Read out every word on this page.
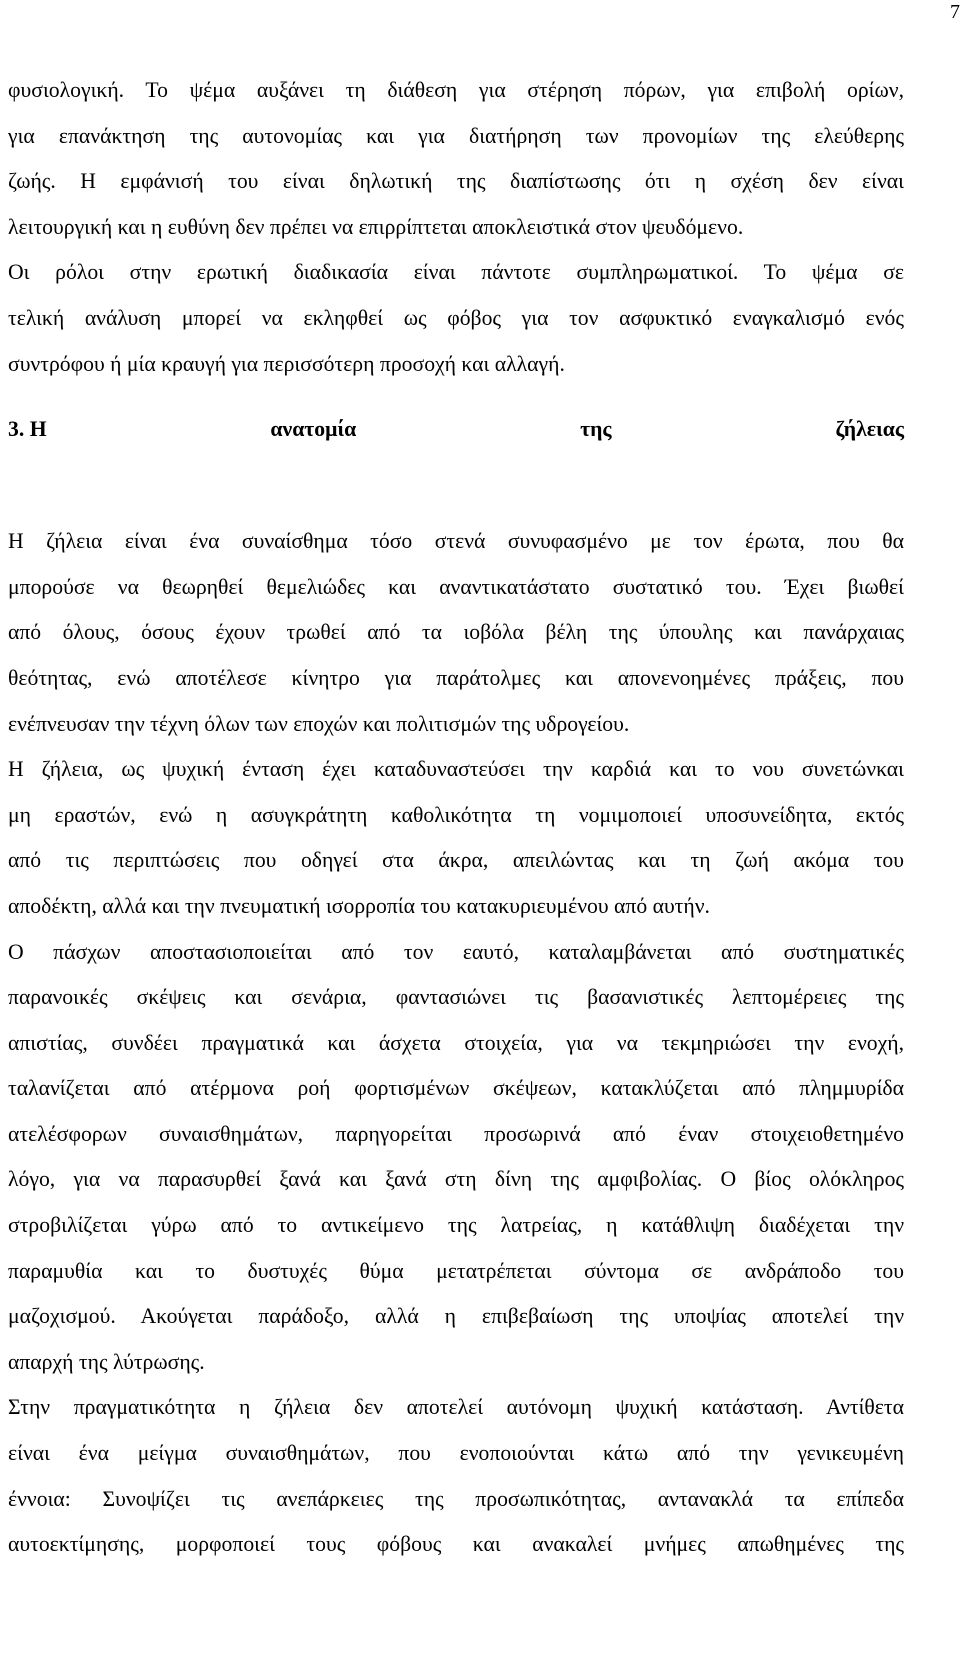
7
φυσιολογική. Το ψέμα αυξάνει τη διάθεση για στέρηση πόρων, για επιβολή ορίων,
για επανάκτηση της αυτονομίας και για διατήρηση των προνομίων της ελεύθερης
ζωής. Η εμφάνισή του είναι δηλωτική της διαπίστωσης ότι η σχέση δεν είναι
λειτουργική και η ευθύνη δεν πρέπει να επιρρίπτεται αποκλειστικά στον ψευδόμενο.
Οι ρόλοι στην ερωτική διαδικασία είναι πάντοτε συμπληρωματικοί. Το ψέμα σε
τελική ανάλυση μπορεί να εκληφθεί ως φόβος για τον ασφυκτικό εναγκαλισμό ενός
συντρόφου ή μία κραυγή για περισσότερη προσοχή και αλλαγή.
3. Η	ανατομία	της	ζήλειας
Η ζήλεια είναι ένα συναίσθημα τόσο στενά συνυφασμένο με τον έρωτα, που θα
μπορούσε να θεωρηθεί θεμελιώδες και αναντικατάστατο συστατικό του. Έχει βιωθεί
από όλους, όσους έχουν τρωθεί από τα ιοβόλα βέλη της ύπουλης και πανάρχαιας
θεότητας, ενώ αποτέλεσε κίνητρο για παράτολμες και απονενοημένες πράξεις, που
ενέπνευσαν την τέχνη όλων των εποχών και πολιτισμών της υδρογείου.
Η ζήλεια, ως ψυχική ένταση έχει καταδυναστεύσει την καρδιά και το νου συνετώνκαι
μη εραστών, ενώ η ασυγκράτητη καθολικότητα τη νομιμοποιεί υποσυνείδητα, εκτός
από τις περιπτώσεις που οδηγεί στα άκρα, απειλώντας και τη ζωή ακόμα του
αποδέκτη, αλλά και την πνευματική ισορροπία του κατακυριευμένου από αυτήν.
Ο πάσχων αποστασιοποιείται από τον εαυτό, καταλαμβάνεται από συστηματικές
παρανοικές σκέψεις και σενάρια, φαντασιώνει τις βασανιστικές λεπτομέρειες της
απιστίας, συνδέει πραγματικά και άσχετα στοιχεία, για να τεκμηριώσει την ενοχή,
ταλανίζεται από ατέρμονα ροή φορτισμένων σκέψεων, κατακλύζεται από πλημμυρίδα
ατελέσφορων συναισθημάτων, παρηγορείται προσωρινά από έναν στοιχειοθετημένο
λόγο, για να παρασυρθεί ξανά και ξανά στη δίνη της αμφιβολίας. Ο βίος ολόκληρος
στροβιλίζεται γύρω από το αντικείμενο της λατρείας, η κατάθλιψη διαδέχεται την
παραμυθία και το δυστυχές θύμα μετατρέπεται σύντομα σε ανδράποδο του
μαζοχισμού. Ακούγεται παράδοξο, αλλά η επιβεβαίωση της υποψίας αποτελεί την
απαρχή της λύτρωσης.
Στην πραγματικότητα η ζήλεια δεν αποτελεί αυτόνομη ψυχική κατάσταση. Αντίθετα
είναι ένα μείγμα συναισθημάτων, που ενοποιούνται κάτω από την γενικευμένη
έννοια: Συνοψίζει τις ανεπάρκειες της προσωπικότητας, αντανακλά τα επίπεδα
αυτοεκτίμησης, μορφοποιεί τους φόβους και ανακαλεί μνήμες απωθημένες της
